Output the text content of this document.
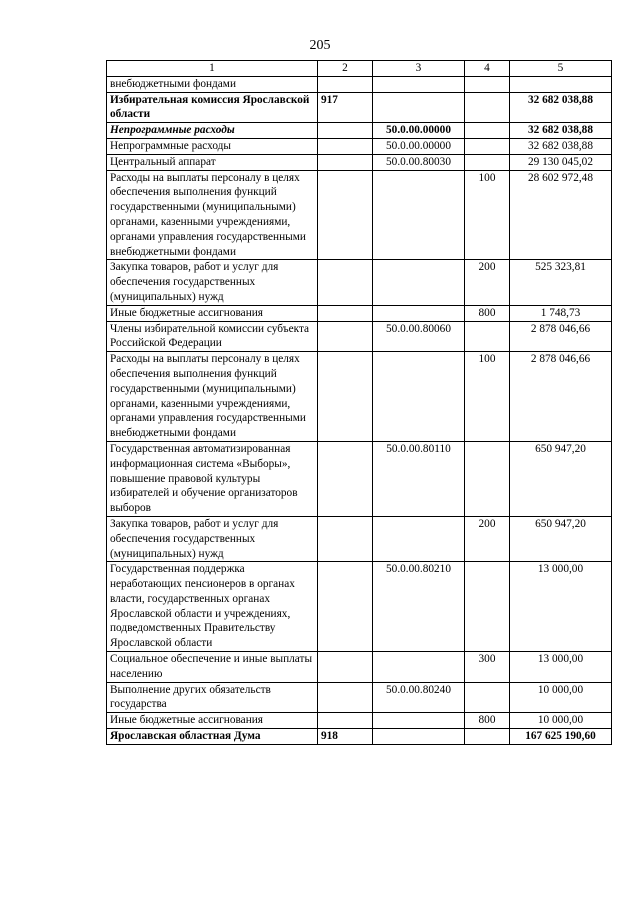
205
1	2	3	4	5
внебюджетными фондами				
Избирательная комиссия Ярославской области	917			32 682 038,88
Непрограммные расходы		50.0.00.00000		32 682 038,88
Непрограммные расходы		50.0.00.00000		32 682 038,88
Центральный аппарат		50.0.00.80030		29 130 045,02
Расходы на выплаты персоналу в целях обеспечения выполнения функций государственными (муниципальными) органами, казенными учреждениями, органами управления государственными внебюджетными фондами			100	28 602 972,48
Закупка товаров, работ и услуг для обеспечения государственных (муниципальных) нужд			200	525 323,81
Иные бюджетные ассигнования			800	1 748,73
Члены избирательной комиссии субъекта Российской Федерации		50.0.00.80060		2 878 046,66
Расходы на выплаты персоналу в целях обеспечения выполнения функций государственными (муниципальными) органами, казенными учреждениями, органами управления государственными внебюджетными фондами			100	2 878 046,66
Государственная автоматизированная информационная система «Выборы», повышение правовой культуры избирателей и обучение организаторов выборов		50.0.00.80110		650 947,20
Закупка товаров, работ и услуг для обеспечения государственных (муниципальных) нужд			200	650 947,20
Государственная поддержка неработающих пенсионеров в органах власти, государственных органах Ярославской области и учреждениях, подведомственных Правительству Ярославской области		50.0.00.80210		13 000,00
Социальное обеспечение и иные выплаты населению			300	13 000,00
Выполнение других обязательств государства		50.0.00.80240		10 000,00
Иные бюджетные ассигнования			800	10 000,00
Ярославская областная Дума	918			167 625 190,60
